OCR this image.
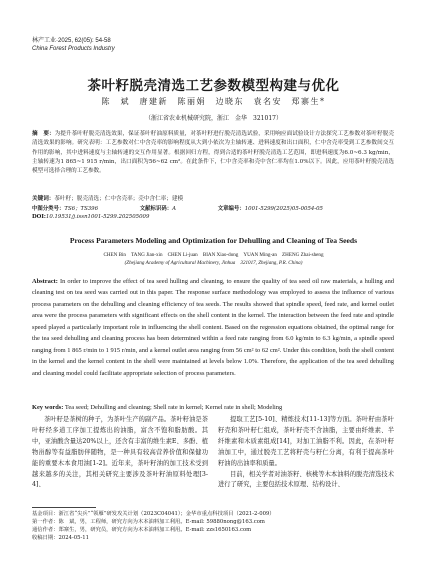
林产工业·2025, 62(05): 54-58
China Forest Products Industry
茶叶籽脱壳清选工艺参数模型构建与优化
陈　斌　唐建新　陈丽娟　边晓东　袁名安　郑寨生*
（浙江省农业机械研究院，浙江　金华　321017）
摘　要：为提升茶叶籽脱壳清选效果，保证茶叶籽油原料质量，对茶叶籽进行脱壳清选试验，采用响应面试验设计方法探究工艺参数对茶叶籽脱壳清选效果的影响。研究表明：工艺参数对仁中含壳率的影响程度从大到小依次为主轴转速、进料速度和出口面积，仁中含壳率受到工艺参数间交互作用的影响，其中进料速度与主轴转速的交互作用显著。根据回归方程，得到合适的茶叶籽脱壳清选工艺范围，即进料速度为6.0~6.3 kg/min，主轴转速为1 865~1 915 r/min，出口面积为56~62 cm²。在此条件下，仁中含壳率和壳中含仁率均在1.0%以下。因此，应用茶叶籽脱壳清选模型可选择合理的工艺参数。
关键词：茶叶籽；脱壳清选；仁中含壳率；壳中含仁率；建模
中图分类号：TS6；TS396	文献标识码：A	文章编号：1001-5299(2025)05-0054-05
DOI:10.19531/j.issn1001-5299.202505009
Process Parameters Modeling and Optimization for Dehulling and Cleaning of Tea Seeds
CHEN Bin　TANG Jian-xin　CHEN Li-juan　BIAN Xiao-dong　YUAN Ming-an　ZHENG Zhai-sheng
(Zhejiang Academy of Agricultural Machinery, Jinhua　321017, Zhejiang, P.R. China)
Abstract: In order to improve the effect of tea seed hulling and cleaning, to ensure the quality of tea seed oil raw materials, a hulling and cleaning test on tea seed was carried out in this paper. The response surface methodology was employed to assess the influence of various process parameters on the dehulling and cleaning efficiency of tea seeds. The results showed that spindle speed, feed rate, and kernel outlet area were the process parameters with significant effects on the shell content in the kernel. The interaction between the feed rate and spindle speed played a particularly important role in influencing the shell content. Based on the regression equations obtained, the optimal range for the tea seed dehulling and cleaning process has been determined within a feed rate ranging from 6.0 kg/min to 6.3 kg/min, a spindle speed ranging from 1 865 r/min to 1 915 r/min, and a kernel outlet area ranging from 56 cm² to 62 cm². Under this condition, both the shell content in the kernel and the kernel content in the shell were maintained at levels below 1.0%. Therefore, the application of the tea seed dehulling and cleaning model could facilitate appropriate selection of process parameters.
Key words: Tea seed; Dehulling and cleaning; Shell rate in kernel; Kernel rate in shell; Modeling

茶叶籽是茶树的种子，为茶叶生产的副产品。茶叶籽油是茶叶籽经多道工序加工提炼出的油脂，富含不饱和脂肪酸。其中，亚油酸含量达20%以上，还含有丰富的维生素E、多酚、植物甾醇等有益脂肪伴随物，是一种具有较高营养价值和保健功能的重要木本食用油[1-2]。近年来，茶叶籽油的加工技术受到越来越多的关注，其相关研究主要涉及茶叶籽油原料处理[3-4]、

提取工艺[5-10]、精炼技术[11-13]等方面。茶叶籽由茶叶籽壳和茶叶籽仁组成，茶叶籽壳不含油脂，主要由纤维素、半纤维素和木质素组成[14]，对加工油脂不利。因此，在茶叶籽油加工中，通过脱壳工艺将籽壳与籽仁分离，有利于提高茶叶籽油的出油率和质量。

目前，相关学者对油茶籽、核桃等木本油料的脱壳清选技术进行了研究，主要包括技术原理、结构设计、

基金项目：浙江省“尖兵”“领雁”研发攻关计划（2023C04041）；金华市重点科技项目（2021-2-009）
第一作者：陈　斌，男，工程师，研究方向为木本油料加工利用。E-mail: 59880nong@163.com
通信作者：郑寨生，男，研究员，研究方向为木本油料加工利用。E-mail: zzs1650163.com
收稿日期：2024-05-11
